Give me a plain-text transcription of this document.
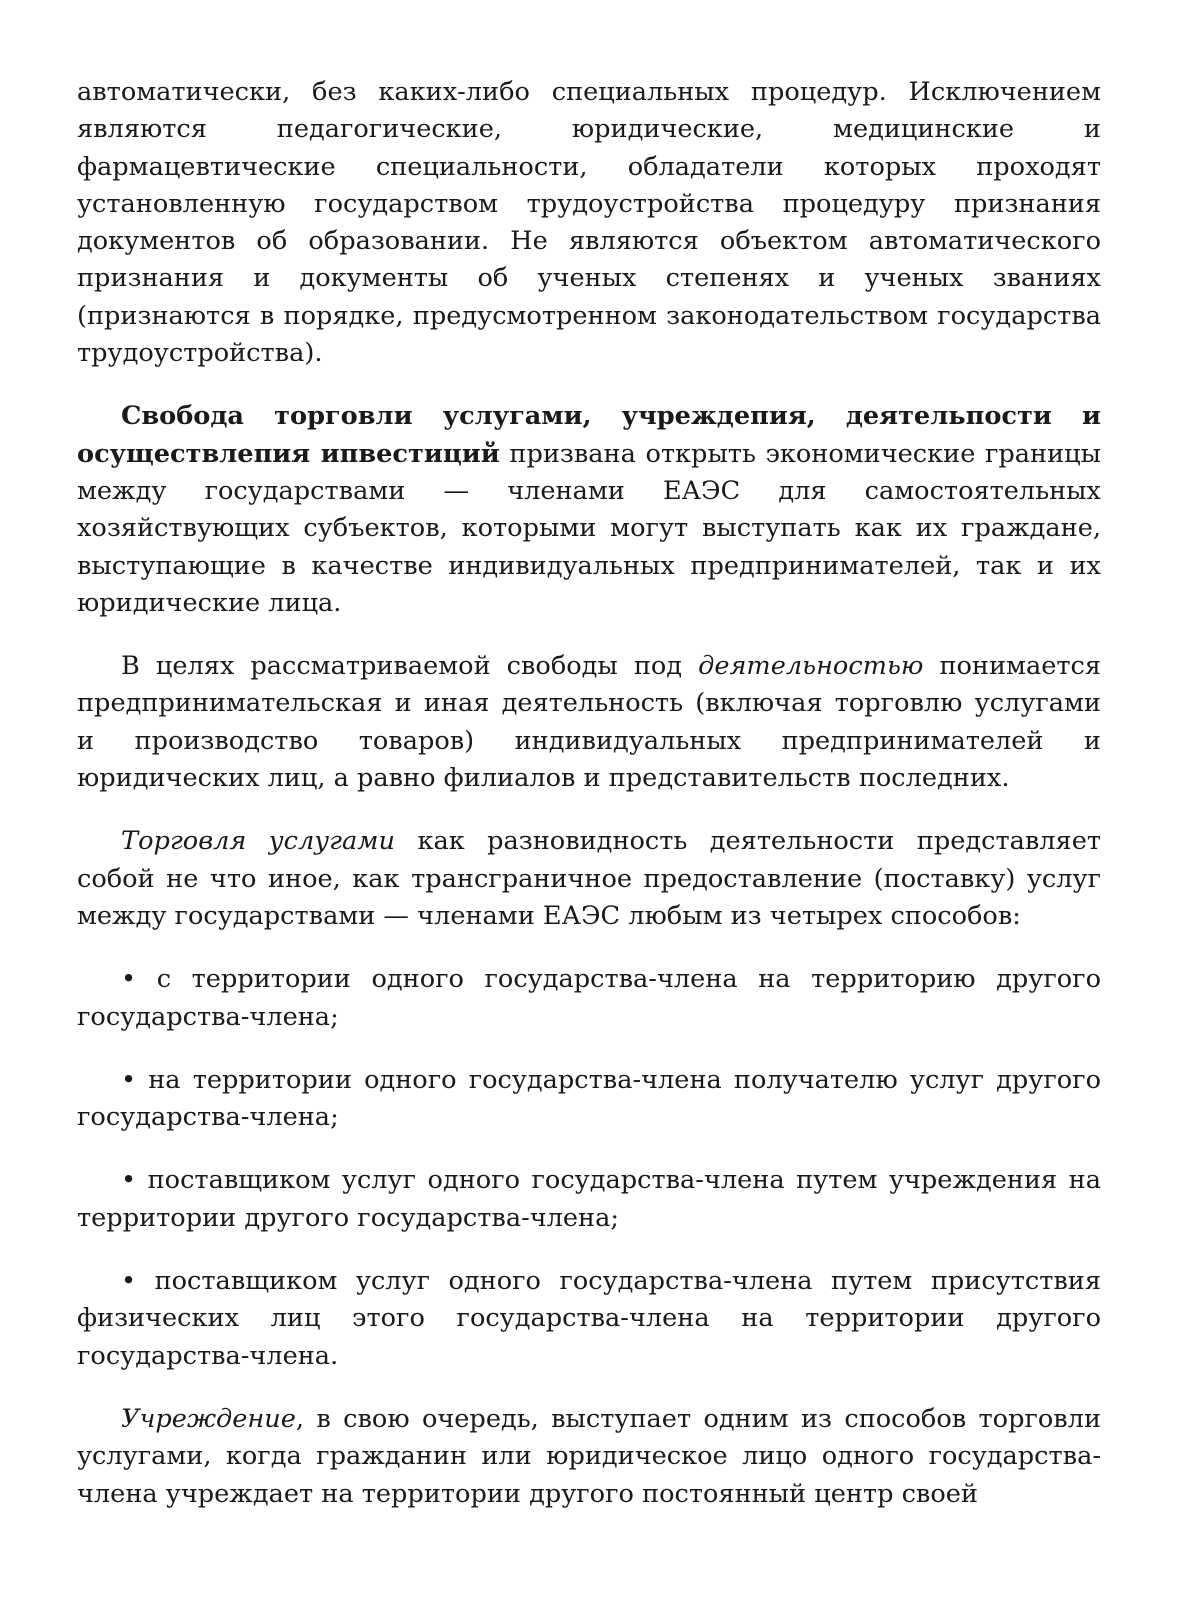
автоматически, без каких-либо специальных процедур. Исключением являются педагогические, юридические, медицинские и фармацевтические специальности, обладатели которых проходят установленную государством трудоустройства процедуру признания документов об образовании. Не являются объектом автоматического признания и документы об ученых степенях и ученых званиях (признаются в порядке, предусмотренном законодательством государства трудоустройства).

Свобода торговли услугами, учреждепия, деятельпости и осуществлепия ипвестиций призвана открыть экономические границы между государствами — членами ЕАЭС для самостоятельных хозяйствующих субъектов, которыми могут выступать как их граждане, выступающие в качестве индивидуальных предпринимателей, так и их юридические лица.

В целях рассматриваемой свободы под деятельностью понимается предпринимательская и иная деятельность (включая торговлю услугами и производство товаров) индивидуальных предпринимателей и юридических лиц, а равно филиалов и представительств последних.

Торговля услугами как разновидность деятельности представляет собой не что иное, как трансграничное предоставление (поставку) услуг между государствами — членами ЕАЭС любым из четырех способов:

• с территории одного государства-члена на территорию другого государства-члена;

• на территории одного государства-члена получателю услуг другого государства-члена;

• поставщиком услуг одного государства-члена путем учреждения на территории другого государства-члена;

• поставщиком услуг одного государства-члена путем присутствия физических лиц этого государства-члена на территории другого государства-члена.

Учреждение, в свою очередь, выступает одним из способов торговли услугами, когда гражданин или юридическое лицо одного государства-члена учреждает на территории другого постоянный центр своей
